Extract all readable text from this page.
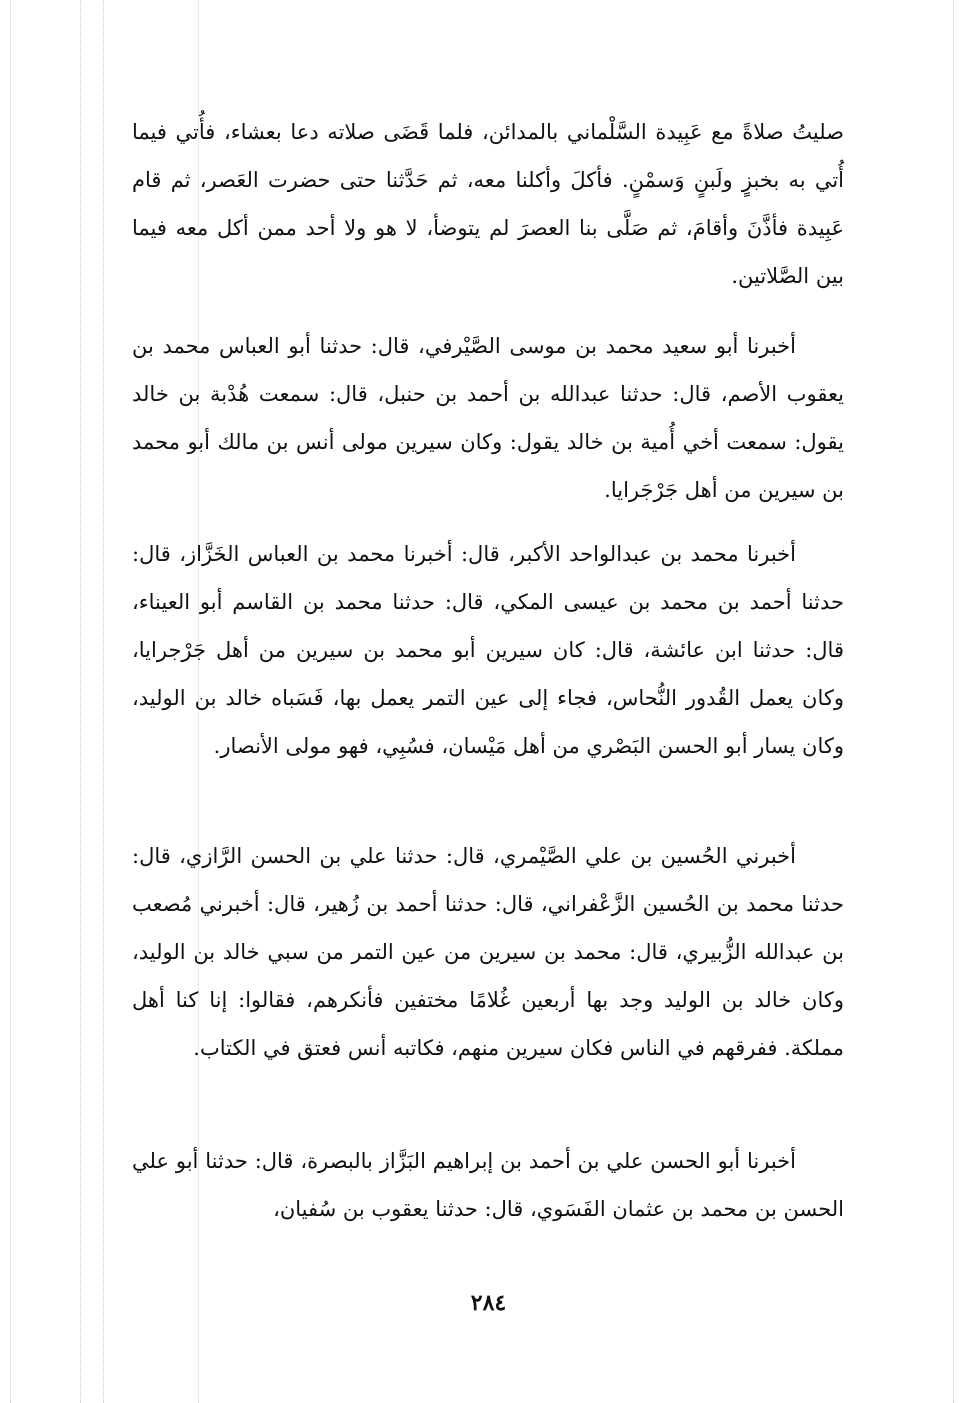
صليتُ صلاةً مع عَبِيدة السَّلْماني بالمدائن، فلما قَضَى صلاته دعا بعشاء، فأُتي فيما أُتي به بخبزٍ ولَبنٍ وَسمْنٍ. فأكلَ وأكلنا معه، ثم حَدَّثنا حتى حضرت العَصر، ثم قام عَبِيدة فأذَّنَ وأقامَ، ثم صَلَّى بنا العصرَ لم يتوضأ، لا هو ولا أحد ممن أكل معه فيما بين الصَّلاتين.

أخبرنا أبو سعيد محمد بن موسى الصَّيْرفي، قال: حدثنا أبو العباس محمد بن يعقوب الأصم، قال: حدثنا عبدالله بن أحمد بن حنبل، قال: سمعت هُدْبة بن خالد يقول: سمعت أخي أُمية بن خالد يقول: وكان سيرين مولى أنس بن مالك أبو محمد بن سيرين من أهل جَرْجَرايا.

أخبرنا محمد بن عبدالواحد الأكبر، قال: أخبرنا محمد بن العباس الخَزَّاز، قال: حدثنا أحمد بن محمد بن عيسى المكي، قال: حدثنا محمد بن القاسم أبو العيناء، قال: حدثنا ابن عائشة، قال: كان سيرين أبو محمد بن سيرين من أهل جَرْجرايا، وكان يعمل القُدور النُّحاس، فجاء إلى عين التمر يعمل بها، فَسَباه خالد بن الوليد، وكان يسار أبو الحسن البَصْري من أهل مَيْسان، فسُبِي، فهو مولى الأنصار.

أخبرني الحُسين بن علي الصَّيْمري، قال: حدثنا علي بن الحسن الرَّازي، قال: حدثنا محمد بن الحُسين الزَّعْفراني، قال: حدثنا أحمد بن زُهير، قال: أخبرني مُصعب بن عبدالله الزُّبيري، قال: محمد بن سيرين من عين التمر من سبي خالد بن الوليد، وكان خالد بن الوليد وجد بها أربعين غُلامًا مختفين فأنكرهم، فقالوا: إنا كنا أهل مملكة. ففرقهم في الناس فكان سيرين منهم، فكاتبه أنس فعتق في الكتاب.

أخبرنا أبو الحسن علي بن أحمد بن إبراهيم البَزَّاز بالبصرة، قال: حدثنا أبو علي الحسن بن محمد بن عثمان الفَسَوي، قال: حدثنا يعقوب بن سُفيان،

٢٨٤
